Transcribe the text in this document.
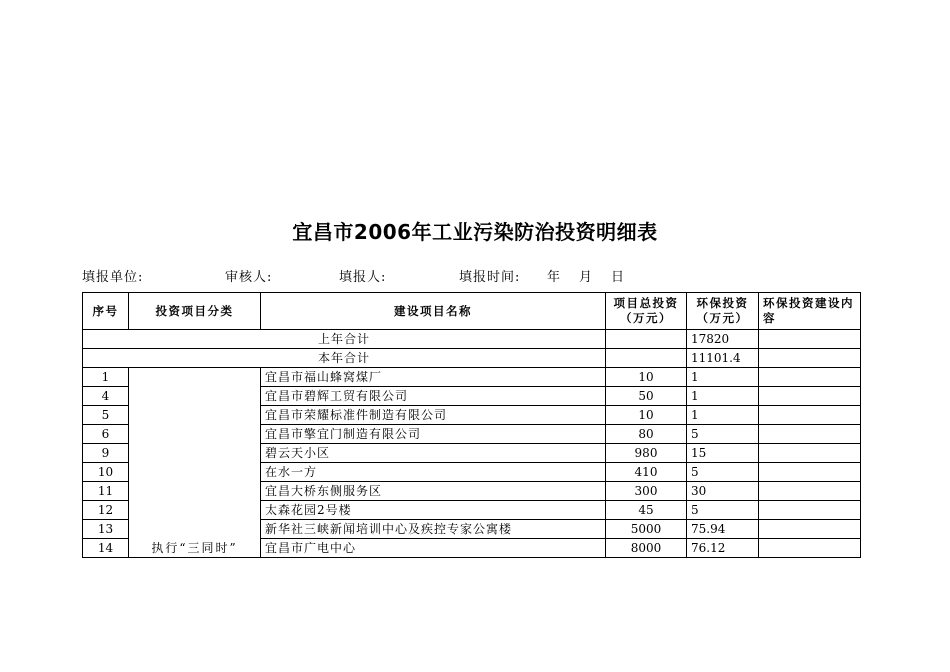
宜昌市2006年工业污染防治投资明细表
填报单位:	审核人:	填报人:	填报时间: 年 月 日
序号	投资项目分类	建设项目名称	项目总投资（万元）	环保投资（万元）	环保投资建设内容
上年合计				17820	
本年合计				11101.4	
1	执行“三同时”	宜昌市福山蜂窝煤厂	10	1	
4		宜昌市碧辉工贸有限公司	50	1	
5		宜昌市荣耀标准件制造有限公司	10	1	
6		宜昌市擎宜门制造有限公司	80	5	
9		碧云天小区	980	15	
10		在水一方	410	5	
11		宜昌大桥东侧服务区	300	30	
12		太森花园2号楼	45	5	
13		新华社三峡新闻培训中心及疾控专家公寓楼	5000	75.94	
14		宜昌市广电中心	8000	76.12	
